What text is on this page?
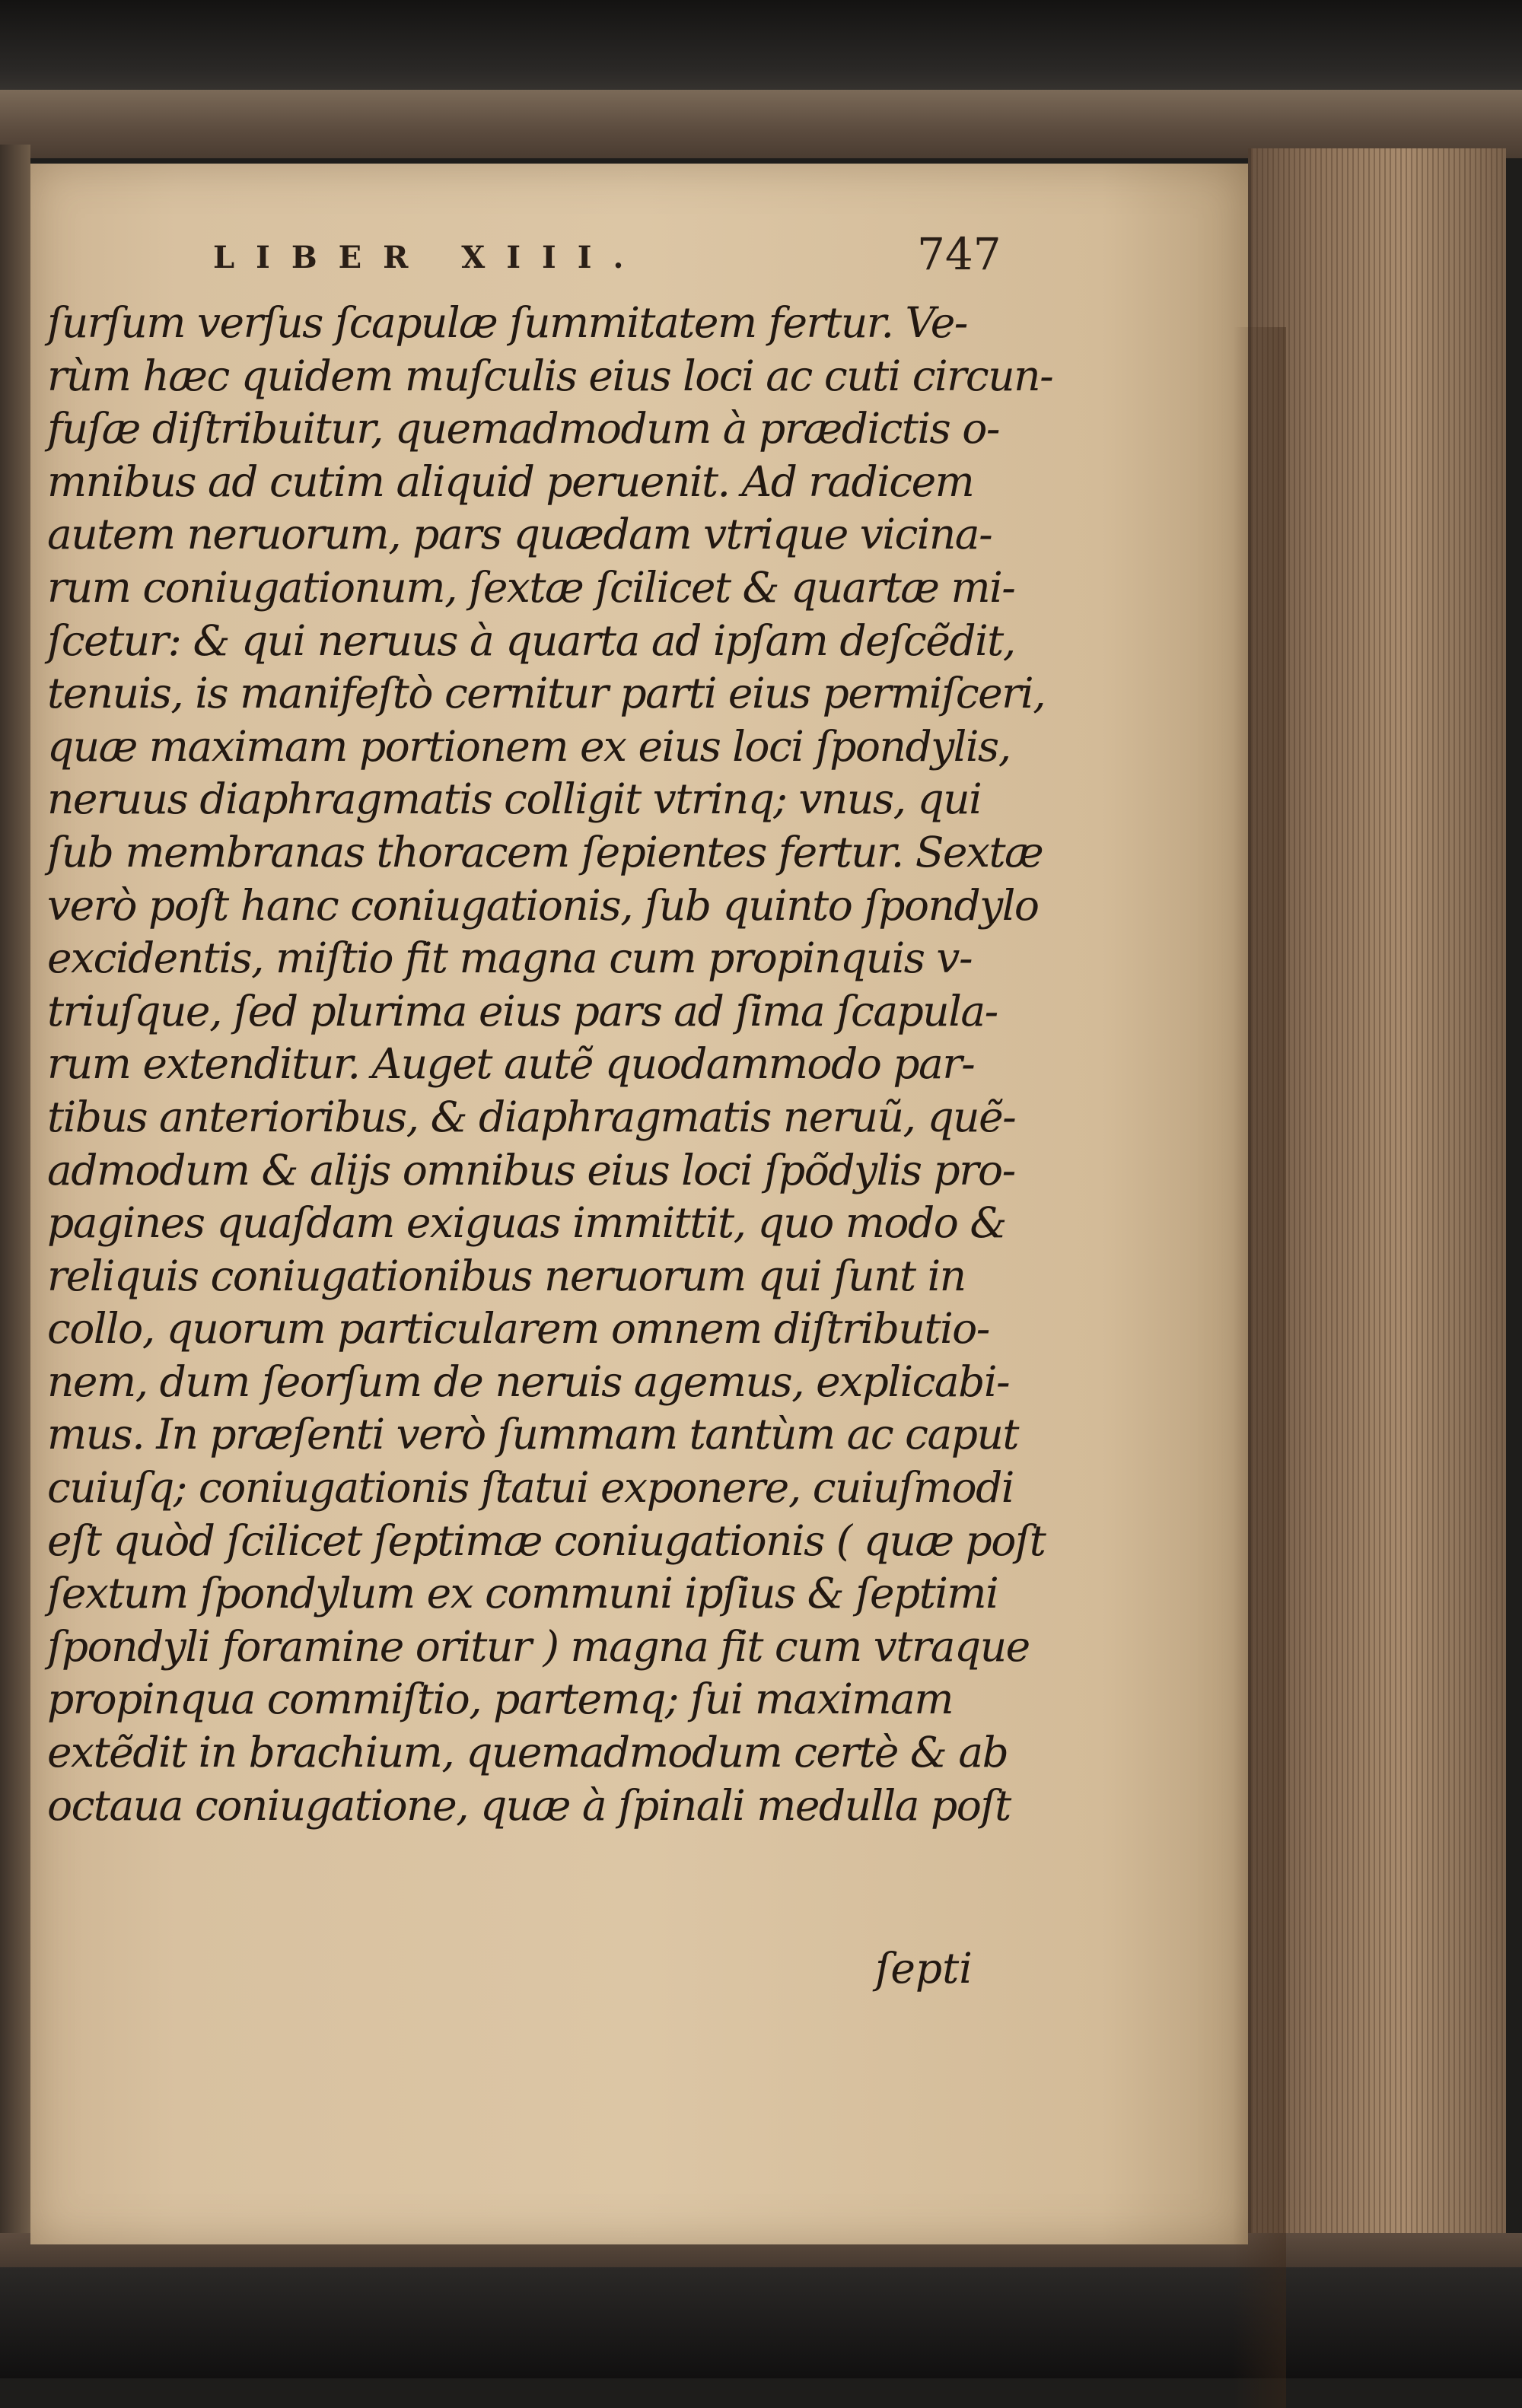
LIBER XIII.	747
ſurſum verſus ſcapulæ ſummitatem fertur. Ve-
rùm hæc quidem muſculis eius loci ac cuti circun-
fuſæ diſtribuitur, quemadmodum à prædictis o-
mnibus ad cutim aliquid peruenit. Ad radicem
autem neruorum, pars quædam vtrique vicina-
rum coniugationum, ſextæ ſcilicet & quartæ mi-
ſcetur: & qui neruus à quarta ad ipſam deſcẽdit,
tenuis, is manifeſtò cernitur parti eius permiſceri,
quæ maximam portionem ex eius loci ſpondylis,
neruus diaphragmatis colligit vtrinq; vnus, qui
ſub membranas thoracem ſepientes fertur. Sextæ
verò poſt hanc coniugationis, ſub quinto ſpondylo
excidentis, miſtio fit magna cum propinquis v-
triuſque, ſed plurima eius pars ad ſima ſcapula-
rum extenditur. Auget autẽ quodammodo par-
tibus anterioribus, & diaphragmatis neruũ, quẽ-
admodum & alijs omnibus eius loci ſpõdylis pro-
pagines quaſdam exiguas immittit, quo modo &
reliquis coniugationibus neruorum qui ſunt in
collo, quorum particularem omnem diſtributio-
nem, dum ſeorſum de neruis agemus, explicabi-
mus. In præſenti verò ſummam tantùm ac caput
cuiuſq; coniugationis ſtatui exponere, cuiuſmodi
eſt quòd ſcilicet ſeptimæ coniugationis ( quæ poſt
ſextum ſpondylum ex communi ipſius & ſeptimi
ſpondyli foramine oritur ) magna fit cum vtraque
propinqua commiſtio, partemq; ſui maximam
extẽdit in brachium, quemadmodum certè & ab
octaua coniugatione, quæ à ſpinali medulla poſt
ſepti
